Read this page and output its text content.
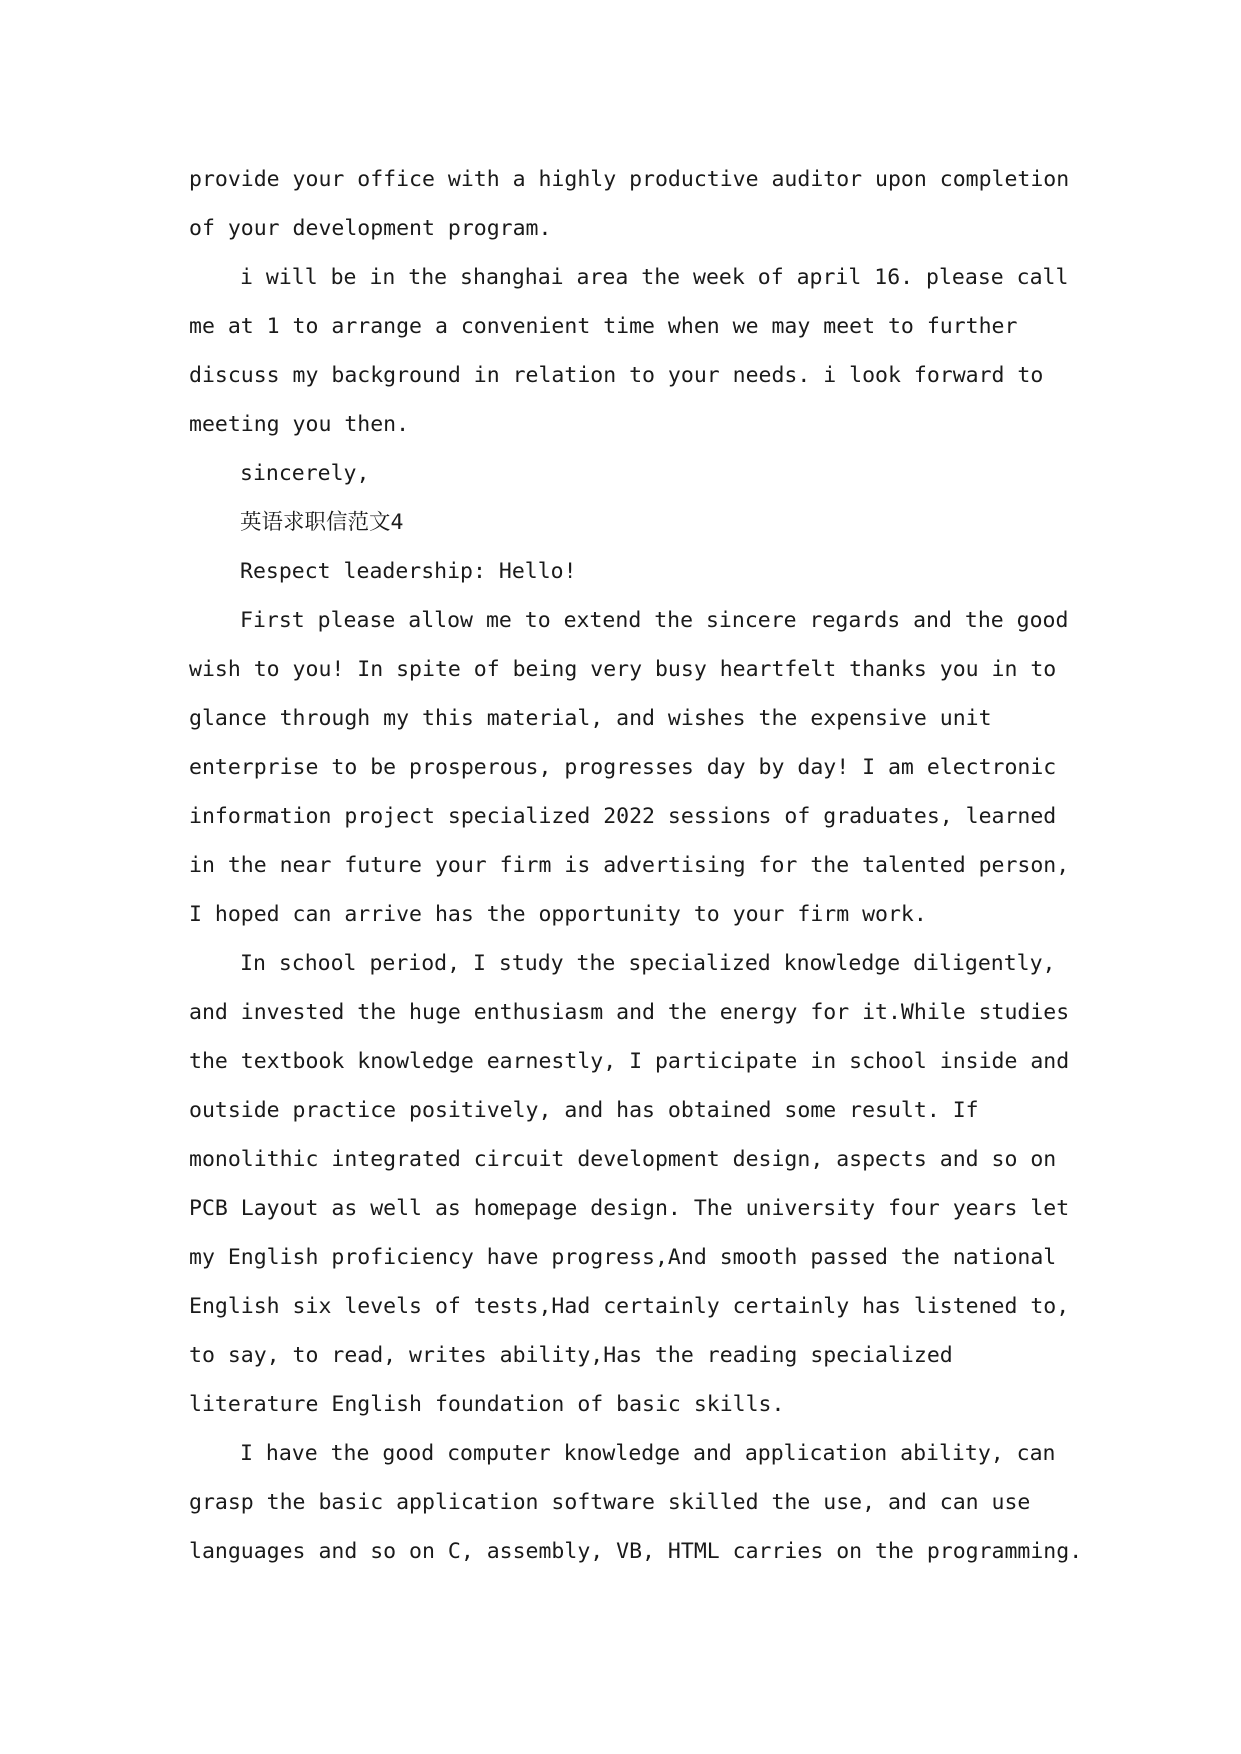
provide your office with a highly productive auditor upon completion
of your development program.
i will be in the shanghai area the week of april 16. please call
me at 1 to arrange a convenient time when we may meet to further
discuss my background in relation to your needs. i look forward to
meeting you then.
sincerely,
英语求职信范文4
Respect leadership: Hello!
First please allow me to extend the sincere regards and the good
wish to you! In spite of being very busy heartfelt thanks you in to
glance through my this material, and wishes the expensive unit
enterprise to be prosperous, progresses day by day! I am electronic
information project specialized 2022 sessions of graduates, learned
in the near future your firm is advertising for the talented person,
I hoped can arrive has the opportunity to your firm work.
In school period, I study the specialized knowledge diligently,
and invested the huge enthusiasm and the energy for it.While studies
the textbook knowledge earnestly, I participate in school inside and
outside practice positively, and has obtained some result. If
monolithic integrated circuit development design, aspects and so on
PCB Layout as well as homepage design. The university four years let
my English proficiency have progress,And smooth passed the national
English six levels of tests,Had certainly certainly has listened to,
to say, to read, writes ability,Has the reading specialized
literature English foundation of basic skills.
I have the good computer knowledge and application ability, can
grasp the basic application software skilled the use, and can use
languages and so on C, assembly, VB, HTML carries on the programming.
